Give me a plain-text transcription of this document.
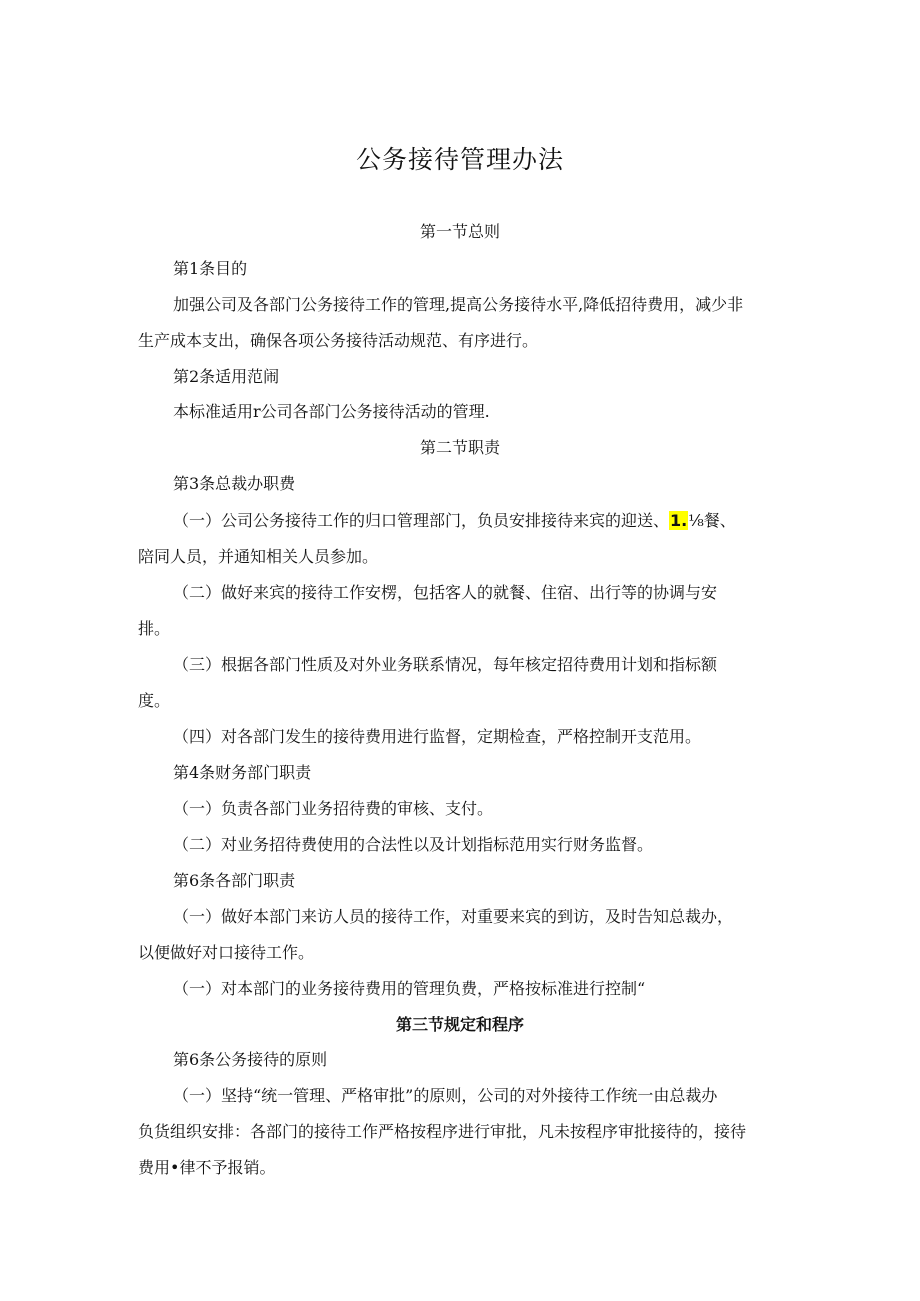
公务接待管理办法
第一节总则
第1条目的
加强公司及各部门公务接待工作的管理,提高公务接待水平,降低招待费用，减少非
生产成本支出，确保各项公务接待活动规范、有序进行。
第2条适用范闹
本标准适用r公司各部门公务接待活动的管理.
第二节职责
第3条总裁办职费
（一）公司公务接待工作的归口管理部门，负员安排接待来宾的迎送、1.⅛餐、
陪同人员，并通知相关人员参加。
（二）做好来宾的接待工作安楞，包括客人的就餐、住宿、出行等的协调与安
排。
（三）根据各部门性质及对外业务联系情况，每年核定招待费用计划和指标额
度。
（四）对各部门发生的接待费用进行监督，定期检查，严格控制开支范用。
第4条财务部门职责
（一）负责各部门业务招待费的审核、支付。
（二）对业务招待费使用的合法性以及计划指标范用实行财务监督。
第6条各部门职责
（一）做好本部门来访人员的接待工作，对重要来宾的到访，及时告知总裁办，
以便做好对口接待工作。
（一）对本部门的业务接待费用的管理负费，严格按标准进行控制“
第三节规定和程序
第6条公务接待的原则
（一）坚持“统一管理、严格审批”的原则，公司的对外接待工作统一由总裁办
负货组织安排：各部门的接待工作严格按程序进行审批，凡未按程序审批接待的，接待
费用•律不予报销。
